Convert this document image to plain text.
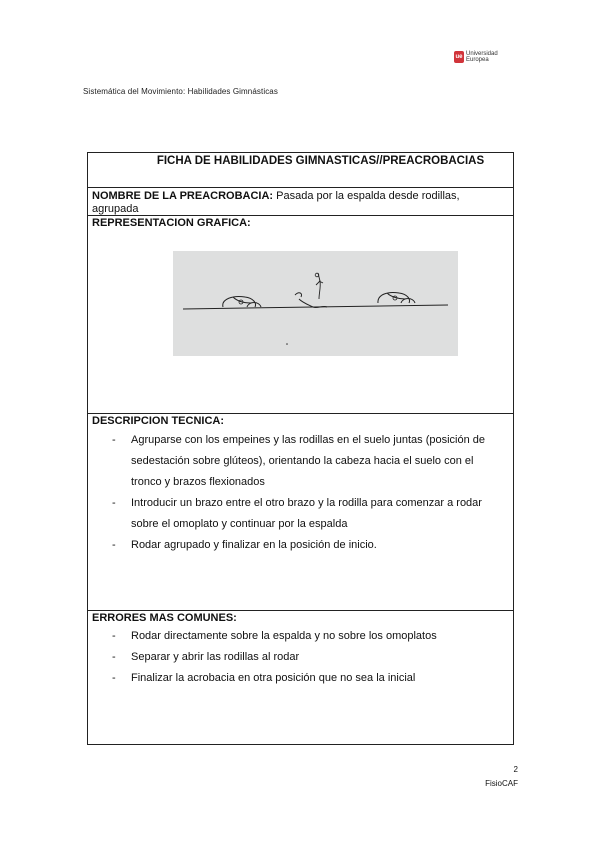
ue Universidad
Europea
Sistemática del Movimiento: Habilidades Gimnásticas
FICHA DE HABILIDADES GIMNASTICAS//PREACROBACIAS
NOMBRE DE LA PREACROBACIA: Pasada por la espalda desde rodillas,
agrupada
REPRESENTACION GRAFICA:
DESCRIPCION TECNICA:
- Agruparse con los empeines y las rodillas en el suelo juntas (posición de sedestación sobre glúteos), orientando la cabeza hacia el suelo con el tronco y brazos flexionados
- Introducir un brazo entre el otro brazo y la rodilla para comenzar a rodar sobre el omoplato y continuar por la espalda
- Rodar agrupado y finalizar en la posición de inicio.
ERRORES MAS COMUNES:
- Rodar directamente sobre la espalda y no sobre los omoplatos
- Separar y abrir las rodillas al rodar
- Finalizar la acrobacia en otra posición que no sea la inicial
2
FisioCAF
